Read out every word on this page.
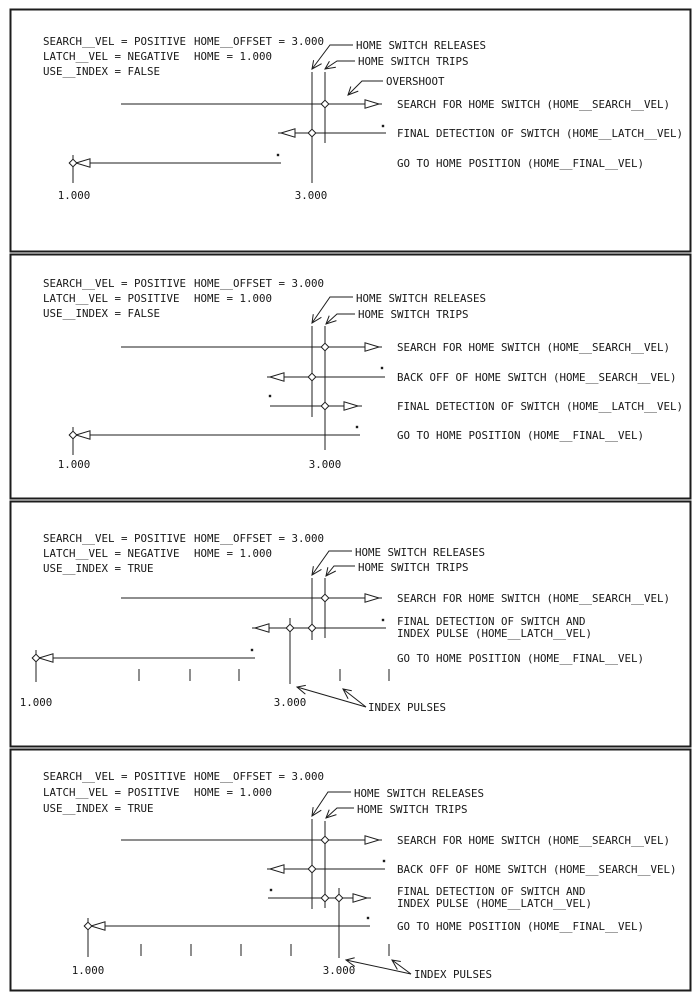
SEARCH__VEL = POSITIVE HOME__OFFSET = 3.000
LATCH__VEL = NEGATIVE HOME = 1.000
USE__INDEX = FALSE
HOME SWITCH RELEASES
HOME SWITCH TRIPS
OVERSHOOT
SEARCH FOR HOME SWITCH (HOME__SEARCH__VEL)
FINAL DETECTION OF SWITCH (HOME__LATCH__VEL)
GO TO HOME POSITION (HOME__FINAL__VEL)
1.000	3.000
SEARCH__VEL = POSITIVE HOME__OFFSET = 3.000
LATCH__VEL = POSITIVE HOME = 1.000
USE__INDEX = FALSE
HOME SWITCH RELEASES
HOME SWITCH TRIPS
SEARCH FOR HOME SWITCH (HOME__SEARCH__VEL)
BACK OFF OF HOME SWITCH (HOME__SEARCH__VEL)
FINAL DETECTION OF SWITCH (HOME__LATCH__VEL)
GO TO HOME POSITION (HOME__FINAL__VEL)
1.000	3.000
SEARCH__VEL = POSITIVE HOME__OFFSET = 3.000
LATCH__VEL = NEGATIVE HOME = 1.000
USE__INDEX = TRUE
HOME SWITCH RELEASES
HOME SWITCH TRIPS
SEARCH FOR HOME SWITCH (HOME__SEARCH__VEL)
FINAL DETECTION OF SWITCH AND
INDEX PULSE (HOME__LATCH__VEL)
GO TO HOME POSITION (HOME__FINAL__VEL)
1.000	3.000	INDEX PULSES
SEARCH__VEL = POSITIVE HOME__OFFSET = 3.000
LATCH__VEL = POSITIVE HOME = 1.000
USE__INDEX = TRUE
HOME SWITCH RELEASES
HOME SWITCH TRIPS
SEARCH FOR HOME SWITCH (HOME__SEARCH__VEL)
BACK OFF OF HOME SWITCH (HOME__SEARCH__VEL)
FINAL DETECTION OF SWITCH AND
INDEX PULSE (HOME__LATCH__VEL)
GO TO HOME POSITION (HOME__FINAL__VEL)
1.000	3.000	INDEX PULSES
